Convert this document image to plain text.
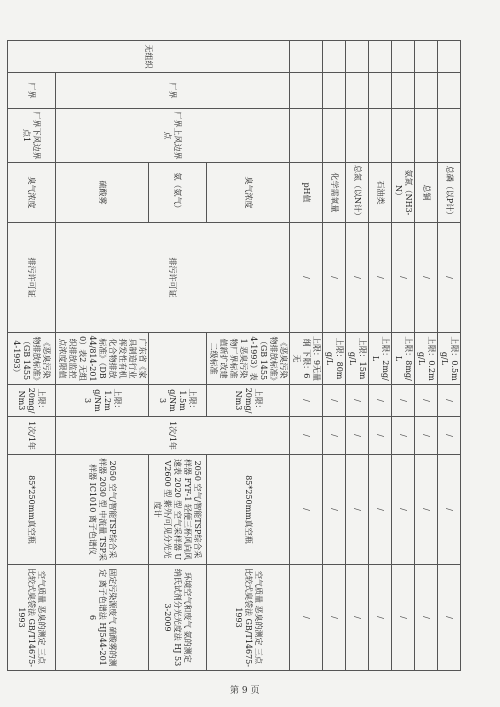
			总磷（以P计）	/	上限：0.5mg/L	/	/	/	/
			总铜	/	上限：0.2mg/L	/	/	/	/
			氨氮（NH3-N）	/	上限：8mg/L	/	/	/	/
			石油类	/	上限：2mg/L	/	/	/	/
			总氮（以N计）	/	上限：15mg/L	/	/	/	/
			化学需氧量	/	上限：80mg/L	/	/	/	/
			pH值	/	上限：9无量纲 下限：6无	/	/	/	/
无组织	厂界	厂界上风边界点	臭气浓度	排污许可证	《恶臭污染物排放标准》（GB 14554-1993）表1 恶臭污染物厂界标准值新扩改建二级标准	上限：20mg/Nm3	1次/1年	85*250mm真空瓶	空气质量 恶臭的测定 三点比较式臭袋法 GB/T14675-1993
			氨（氨气）			上限：1.5mg/Nm3		2050 空气/智能TSP综合采样器 FYF-1 轻便三杯风向风速表 2020 型 空气采样器 UV2600 型 紫外/可见分光光度计	环境空气和废气 氨的测定 纳氏试剂分光光度法 HJ 533-2009
			硫酸雾		广东省《家具制造行业挥发性有机化合物排放标准》（DB 44/814-2010）表2 无组织排放监控点浓度限值	上限：1.2mg/Nm3		2050 空气/智能TSP综合采样器 2030 型 中流量 TSP采样器 IC1010 离子色谱仪	固定污染源废气 硫酸雾的测定 离子色谱法 HJ544-2016
	厂界	厂界下风边界点1	臭气浓度	排污许可证	《恶臭污染物排放标准》（GB 14554-1993）	上限：20mg/Nm3	1次/1年	85*250mm真空瓶	空气质量 恶臭的测定 三点比较式臭袋法 GB/T14675-1993
第 9 页
